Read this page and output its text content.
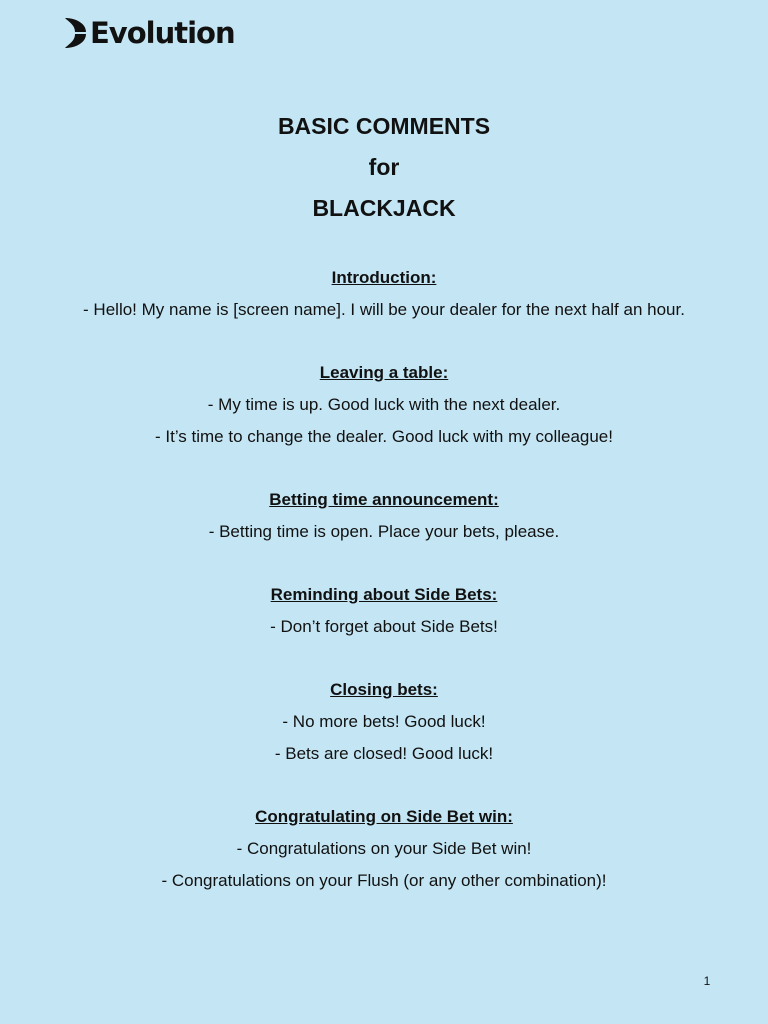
Evolution
BASIC COMMENTS
for
BLACKJACK
Introduction:
- Hello! My name is [screen name]. I will be your dealer for the next half an hour.
Leaving a table:
- My time is up. Good luck with the next dealer.
- It’s time to change the dealer. Good luck with my colleague!
Betting time announcement:
- Betting time is open. Place your bets, please.
Reminding about Side Bets:
- Don’t forget about Side Bets!
Closing bets:
- No more bets! Good luck!
- Bets are closed! Good luck!
Congratulating on Side Bet win:
- Congratulations on your Side Bet win!
- Congratulations on your Flush (or any other combination)!
1
